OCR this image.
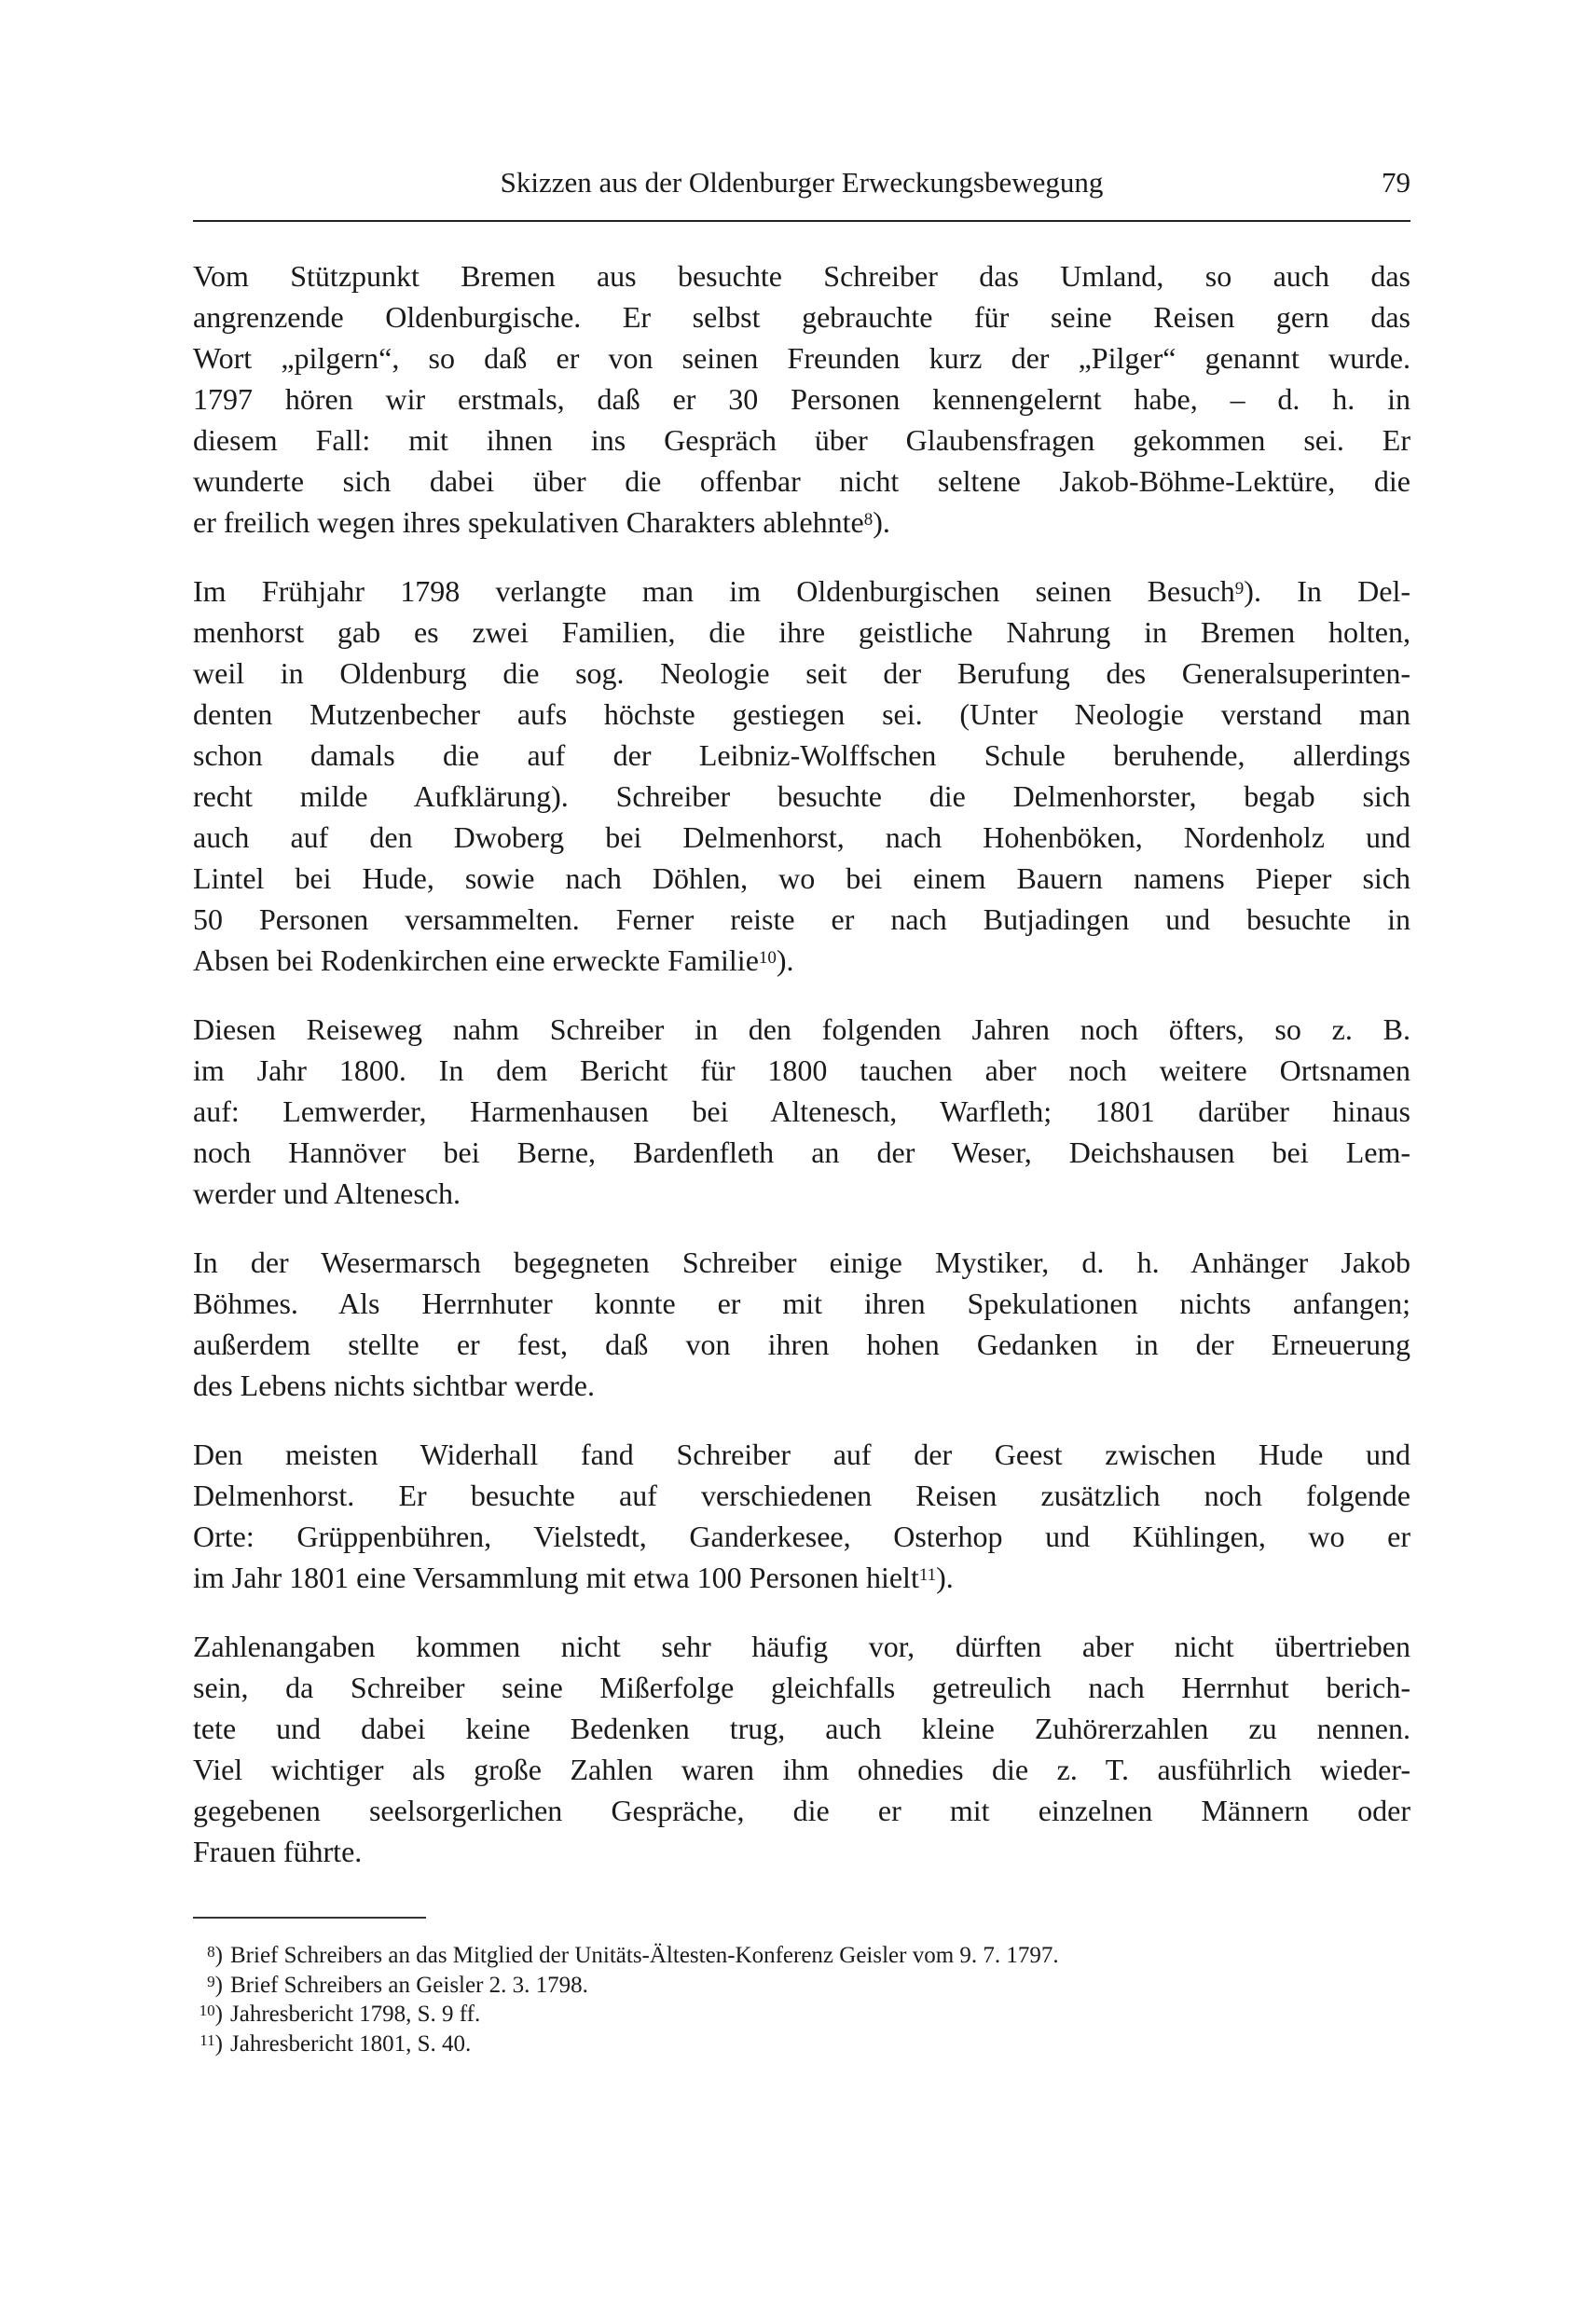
Skizzen aus der Oldenburger Erweckungsbewegung	79
Vom Stützpunkt Bremen aus besuchte Schreiber das Umland, so auch das
angrenzende Oldenburgische. Er selbst gebrauchte für seine Reisen gern das
Wort „pilgern“, so daß er von seinen Freunden kurz der „Pilger“ genannt wurde.
1797 hören wir erstmals, daß er 30 Personen kennengelernt habe, – d. h. in
diesem Fall: mit ihnen ins Gespräch über Glaubensfragen gekommen sei. Er
wunderte sich dabei über die offenbar nicht seltene Jakob-Böhme-Lektüre, die
er freilich wegen ihres spekulativen Charakters ablehnte$^8$).
Im Frühjahr 1798 verlangte man im Oldenburgischen seinen Besuch$^9$). In Del-
menhorst gab es zwei Familien, die ihre geistliche Nahrung in Bremen holten,
weil in Oldenburg die sog. Neologie seit der Berufung des Generalsuperinten-
denten Mutzenbecher aufs höchste gestiegen sei. (Unter Neologie verstand man
schon damals die auf der Leibniz-Wolffschen Schule beruhende, allerdings
recht milde Aufklärung). Schreiber besuchte die Delmenhorster, begab sich
auch auf den Dwoberg bei Delmenhorst, nach Hohenböken, Nordenholz und
Lintel bei Hude, sowie nach Döhlen, wo bei einem Bauern namens Pieper sich
50 Personen versammelten. Ferner reiste er nach Butjadingen und besuchte in
Absen bei Rodenkirchen eine erweckte Familie$^{10}$).
Diesen Reiseweg nahm Schreiber in den folgenden Jahren noch öfters, so z. B.
im Jahr 1800. In dem Bericht für 1800 tauchen aber noch weitere Ortsnamen
auf: Lemwerder, Harmenhausen bei Altenesch, Warfleth; 1801 darüber hinaus
noch Hannöver bei Berne, Bardenfleth an der Weser, Deichshausen bei Lem-
werder und Altenesch.
In der Wesermarsch begegneten Schreiber einige Mystiker, d. h. Anhänger Jakob
Böhmes. Als Herrnhuter konnte er mit ihren Spekulationen nichts anfangen;
außerdem stellte er fest, daß von ihren hohen Gedanken in der Erneuerung
des Lebens nichts sichtbar werde.
Den meisten Widerhall fand Schreiber auf der Geest zwischen Hude und
Delmenhorst. Er besuchte auf verschiedenen Reisen zusätzlich noch folgende
Orte: Grüppenbühren, Vielstedt, Ganderkesee, Osterhop und Kühlingen, wo er
im Jahr 1801 eine Versammlung mit etwa 100 Personen hielt$^{11}$).
Zahlenangaben kommen nicht sehr häufig vor, dürften aber nicht übertrieben
sein, da Schreiber seine Mißerfolge gleichfalls getreulich nach Herrnhut berich-
tete und dabei keine Bedenken trug, auch kleine Zuhörerzahlen zu nennen.
Viel wichtiger als große Zahlen waren ihm ohnedies die z. T. ausführlich wieder-
gegebenen seelsorgerlichen Gespräche, die er mit einzelnen Männern oder
Frauen führte.
$^8$) Brief Schreibers an das Mitglied der Unitäts-Ältesten-Konferenz Geisler vom 9. 7. 1797.
$^9$) Brief Schreibers an Geisler 2. 3. 1798.
$^{10}$) Jahresbericht 1798, S. 9 ff.
$^{11}$) Jahresbericht 1801, S. 40.
